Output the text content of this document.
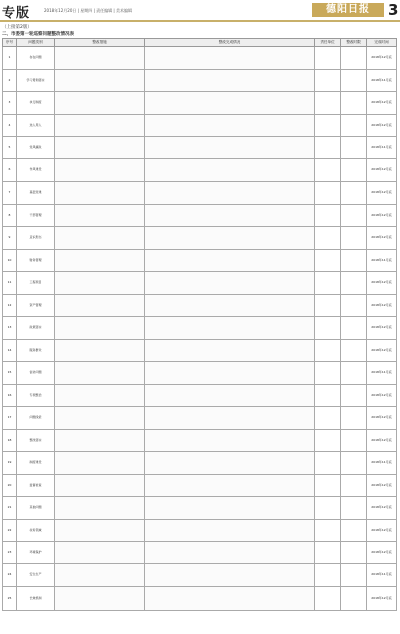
专版	2018年12月20日 | 星期四 | 责任编辑 | 美术编辑	德阳日报	3
（上接第2版）
二、市委第一轮巡察问题整改情况表
序号	问题类别	整改措施	整改完成情况	责任单位	整改时限	完成时间
1	存在问题					2018年12月底
2	学习贯彻落实					2018年11月底
3	执行制度					2018年12月底
4	选人用人					2018年12月底
5	党风廉政					2018年11月底
6	作风建设					2018年12月底
7	基层党建					2018年12月底
8	干部管理					2018年12月底
9	意识形态					2018年12月底
10	财务管理					2018年11月底
11	工程项目					2018年12月底
12	资产管理					2018年12月底
13	政策落实					2018年12月底
14	服务群众					2018年12月底
15	信访问题					2018年11月底
16	专项整治					2018年12月底
17	问题线索					2018年12月底
18	整改落实					2018年12月底
19	制度建设					2018年11月底
20	监督检查					2018年12月底
21	其他问题					2018年12月底
22	扶贫领域					2018年12月底
23	环境保护					2018年12月底
24	安全生产					2018年11月底
25	长效机制					2018年12月底
